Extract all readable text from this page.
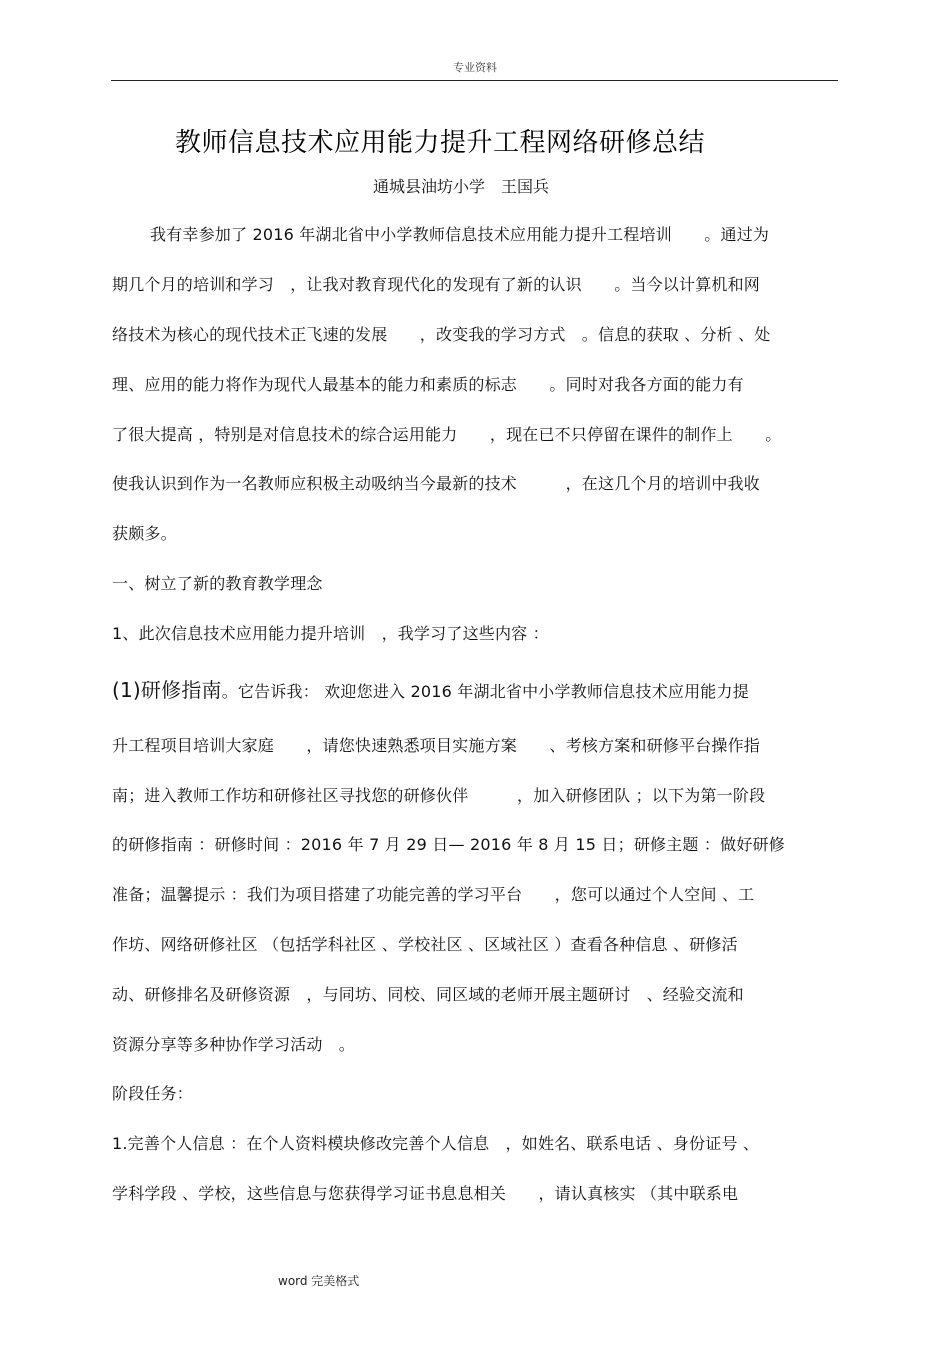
专业资料
教师信息技术应用能力提升工程网络研修总结
通城县油坊小学　王国兵
我有幸参加了 2016 年湖北省中小学教师信息技术应用能力提升工程培训　　。通过为
期几个月的培训和学习　，让我对教育现代化的发现有了新的认识　　。当今以计算机和网
络技术为核心的现代技术正飞速的发展　　，改变我的学习方式　。信息的获取 、分析 、处
理、应用的能力将作为现代人最基本的能力和素质的标志　　。同时对我各方面的能力有
了很大提高 ，特别是对信息技术的综合运用能力　　，现在已不只停留在课件的制作上　　。
使我认识到作为一名教师应积极主动吸纳当今最新的技术　　　，在这几个月的培训中我收
获颇多。
一、树立了新的教育教学理念
1、此次信息技术应用能力提升培训　，我学习了这些内容 ：
(1)研修指南。它告诉我： 欢迎您进入 2016 年湖北省中小学教师信息技术应用能力提
升工程项目培训大家庭　　，请您快速熟悉项目实施方案　　、考核方案和研修平台操作指
南；进入教师工作坊和研修社区寻找您的研修伙伴　　　，加入研修团队 ；以下为第一阶段
的研修指南 ：研修时间 ：2016 年 7 月 29 日— 2016 年 8 月 15 日；研修主题 ：做好研修
准备；温馨提示 ：我们为项目搭建了功能完善的学习平台　　，您可以通过个人空间 、工
作坊、网络研修社区 （包括学科社区 、学校社区 、区域社区 ）查看各种信息 、研修活
动、研修排名及研修资源　，与同坊、同校、同区域的老师开展主题研讨　、经验交流和
资源分享等多种协作学习活动　。
阶段任务：
1.完善个人信息 ：在个人资料模块修改完善个人信息　，如姓名、联系电话 、身份证号 、
学科学段 、学校，这些信息与您获得学习证书息息相关　　，请认真核实 （其中联系电
word 完美格式
